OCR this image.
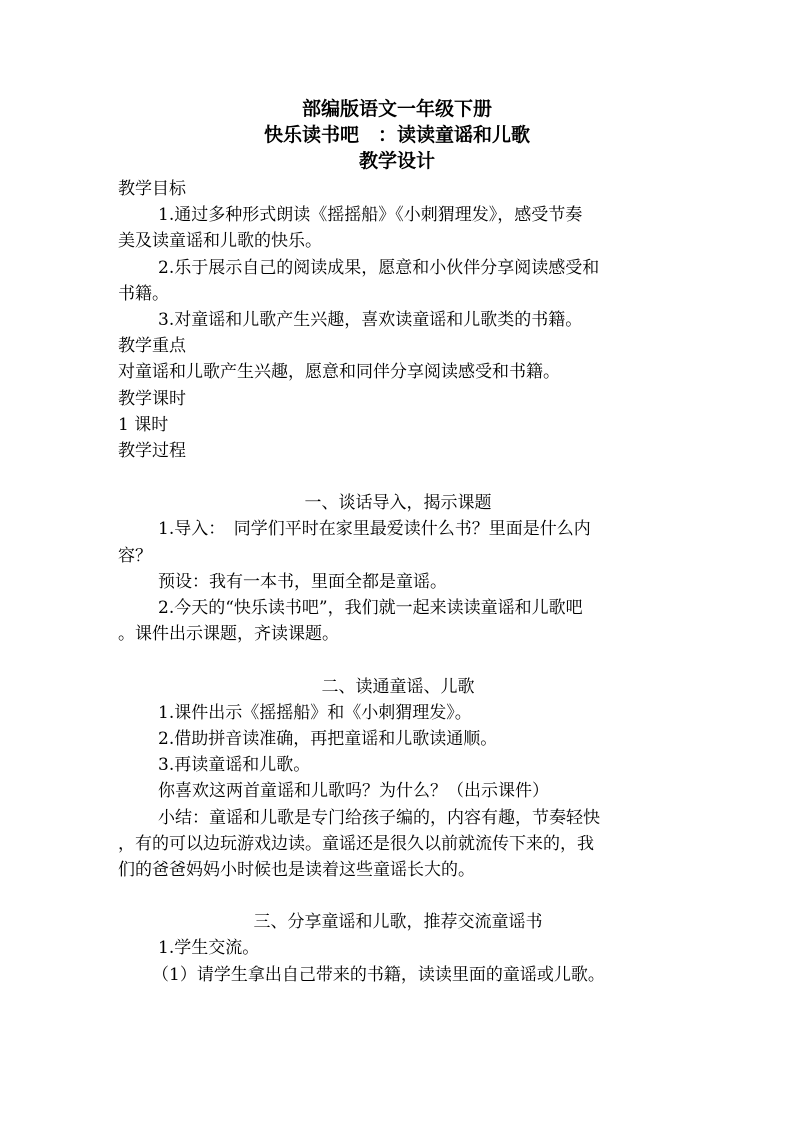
部编版语文一年级下册
快乐读书吧　：读读童谣和儿歌
教学设计
教学目标
1.通过多种形式朗读《摇摇船》《小刺猬理发》，感受节奏
美及读童谣和儿歌的快乐。
2.乐于展示自己的阅读成果，愿意和小伙伴分享阅读感受和
书籍。
3.对童谣和儿歌产生兴趣，喜欢读童谣和儿歌类的书籍。
教学重点
对童谣和儿歌产生兴趣，愿意和同伴分享阅读感受和书籍。
教学课时
1 课时
教学过程
一、谈话导入，揭示课题
1.导入：　同学们平时在家里最爱读什么书？里面是什么内
容？
预设：我有一本书，里面全都是童谣。
2.今天的“快乐读书吧”，我们就一起来读读童谣和儿歌吧
。课件出示课题，齐读课题。
二、读通童谣、儿歌
1.课件出示《摇摇船》和《小刺猬理发》。
2.借助拼音读准确，再把童谣和儿歌读通顺。
3.再读童谣和儿歌。
你喜欢这两首童谣和儿歌吗？为什么？（出示课件）
小结：童谣和儿歌是专门给孩子编的，内容有趣，节奏轻快
，有的可以边玩游戏边读。童谣还是很久以前就流传下来的，我
们的爸爸妈妈小时候也是读着这些童谣长大的。
三、分享童谣和儿歌，推荐交流童谣书
1.学生交流。
（1）请学生拿出自己带来的书籍，读读里面的童谣或儿歌。
